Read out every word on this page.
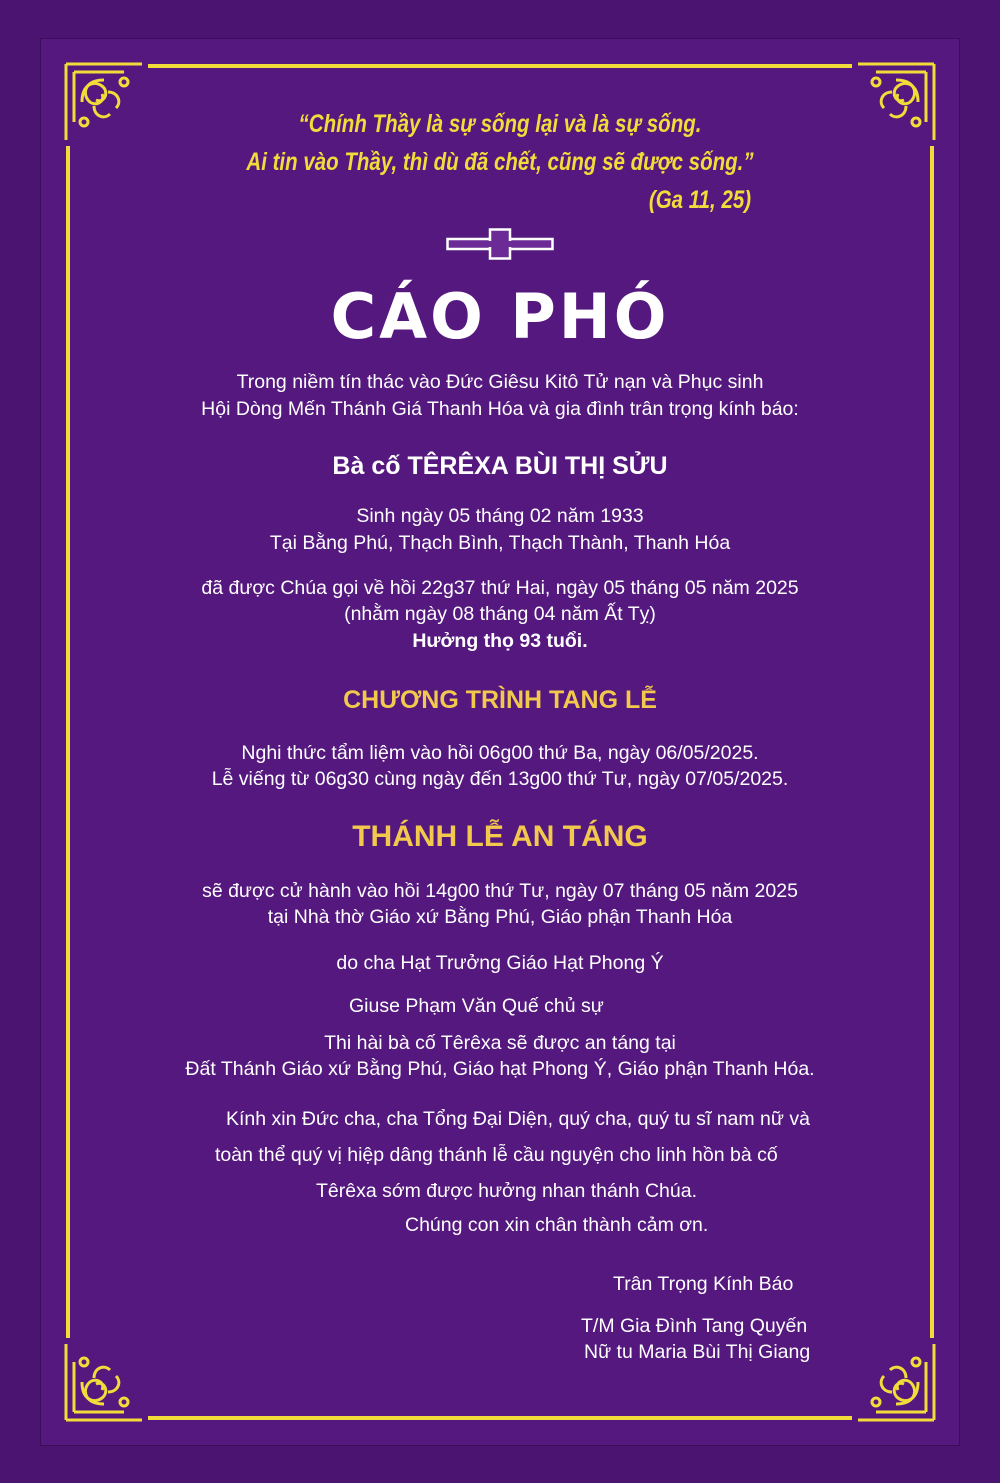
“Chính Thầy là sự sống lại và là sự sống.
Ai tin vào Thầy, thì dù đã chết, cũng sẽ được sống.”
(Ga 11, 25)
CÁO PHÓ
Trong niềm tín thác vào Đức Giêsu Kitô Tử nạn và Phục sinh
Hội Dòng Mến Thánh Giá Thanh Hóa và gia đình trân trọng kính báo:
Bà cố TÊRÊXA BÙI THỊ SỬU
Sinh ngày 05 tháng 02 năm 1933
Tại Bằng Phú, Thạch Bình, Thạch Thành, Thanh Hóa
đã được Chúa gọi về hồi 22g37 thứ Hai, ngày 05 tháng 05 năm 2025
(nhằm ngày 08 tháng 04 năm Ất Tỵ)
Hưởng thọ 93 tuổi.
CHƯƠNG TRÌNH TANG LỄ
Nghi thức tẩm liệm vào hồi 06g00 thứ Ba, ngày 06/05/2025.
Lễ viếng từ 06g30 cùng ngày đến 13g00 thứ Tư, ngày 07/05/2025.
THÁNH LỄ AN TÁNG
sẽ được cử hành vào hồi 14g00 thứ Tư, ngày 07 tháng 05 năm 2025
tại Nhà thờ Giáo xứ Bằng Phú, Giáo phận Thanh Hóa
do cha Hạt Trưởng Giáo Hạt Phong Ý
Giuse Phạm Văn Quế chủ sự
Thi hài bà cố Têrêxa sẽ được an táng tại
Đất Thánh Giáo xứ Bằng Phú, Giáo hạt Phong Ý, Giáo phận Thanh Hóa.
Kính xin Đức cha, cha Tổng Đại Diện, quý cha, quý tu sĩ nam nữ và
toàn thể quý vị hiệp dâng thánh lễ cầu nguyện cho linh hồn bà cố
Têrêxa sớm được hưởng nhan thánh Chúa.
Chúng con xin chân thành cảm ơn.
Trân Trọng Kính Báo
T/M Gia Đình Tang Quyến
Nữ tu Maria Bùi Thị Giang
